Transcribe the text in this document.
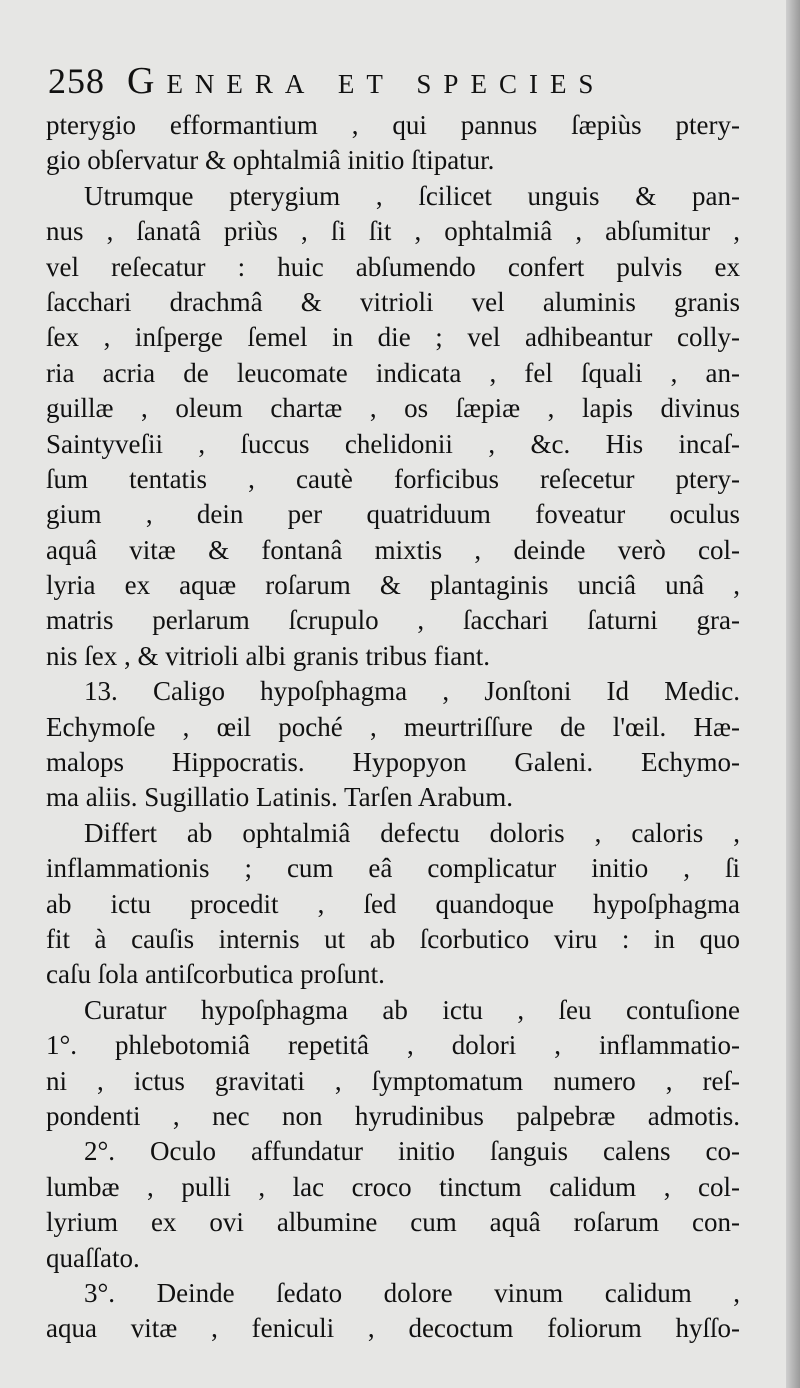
258 Genera et species
pterygio efformantium , qui pannus ſæpiùs ptery-
gio obſervatur & ophtalmiâ initio ſtipatur.
Utrumque pterygium , ſcilicet unguis & pan-
nus , ſanatâ priùs , ſi ſit , ophtalmiâ , abſumitur ,
vel reſecatur : huic abſumendo confert pulvis ex
ſacchari drachmâ & vitrioli vel aluminis granis
ſex , inſperge ſemel in die ; vel adhibeantur colly-
ria acria de leucomate indicata , fel ſquali , an-
guillæ , oleum chartæ , os ſæpiæ , lapis divinus
Saintyveſii , ſuccus chelidonii , &c. His incaſ-
ſum tentatis , cautè forficibus reſecetur ptery-
gium , dein per quatriduum foveatur oculus
aquâ vitæ & fontanâ mixtis , deinde verò col-
lyria ex aquæ roſarum & plantaginis unciâ unâ ,
matris perlarum ſcrupulo , ſacchari ſaturni gra-
nis ſex , & vitrioli albi granis tribus fiant.
13. Caligo hypoſphagma , Jonſtoni Id Medic.
Echymoſe , œil poché , meurtriſſure de l'œil. Hæ-
malops Hippocratis. Hypopyon Galeni. Echymo-
ma aliis. Sugillatio Latinis. Tarſen Arabum.
Differt ab ophtalmiâ defectu doloris , caloris ,
inflammationis ; cum eâ complicatur initio , ſi
ab ictu procedit , ſed quandoque hypoſphagma
fit à cauſis internis ut ab ſcorbutico viru : in quo
caſu ſola antiſcorbutica proſunt.
Curatur hypoſphagma ab ictu , ſeu contuſione
1°. phlebotomiâ repetitâ , dolori , inflammatio-
ni , ictus gravitati , ſymptomatum numero , reſ-
pondenti , nec non hyrudinibus palpebræ admotis.
2°. Oculo affundatur initio ſanguis calens co-
lumbæ , pulli , lac croco tinctum calidum , col-
lyrium ex ovi albumine cum aquâ roſarum con-
quaſſato.
3°. Deinde ſedato dolore vinum calidum ,
aqua vitæ , feniculi , decoctum foliorum hyſſo-
